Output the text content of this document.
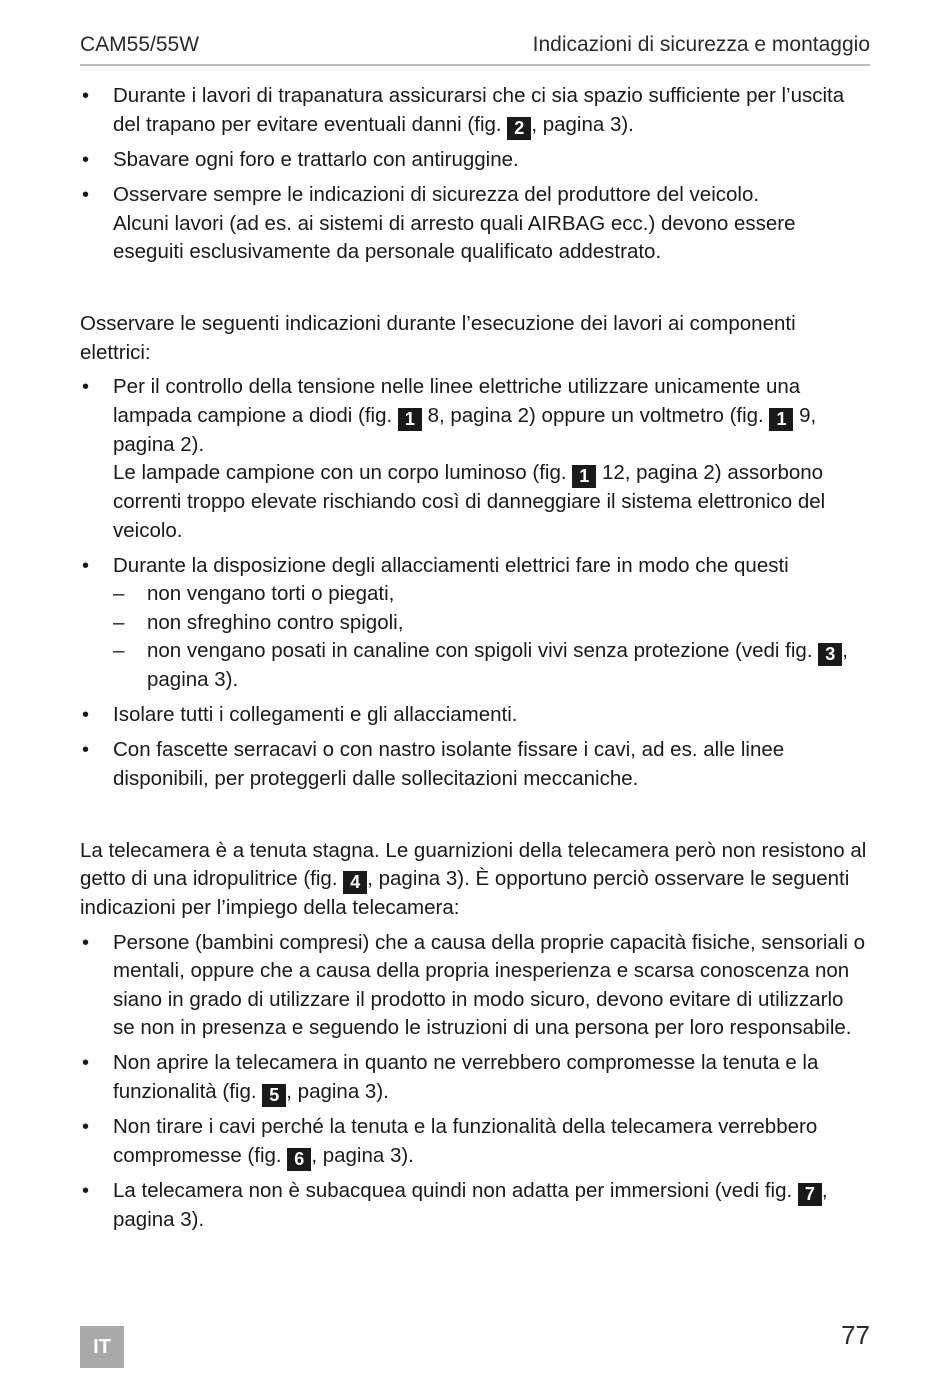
CAM55/55W	Indicazioni di sicurezza e montaggio
• Durante i lavori di trapanatura assicurarsi che ci sia spazio sufficiente per l’uscita del trapano per evitare eventuali danni (fig. 2 , pagina 3).
• Sbavare ogni foro e trattarlo con antiruggine.
• Osservare sempre le indicazioni di sicurezza del produttore del veicolo.
Alcuni lavori (ad es. ai sistemi di arresto quali AIRBAG ecc.) devono essere eseguiti esclusivamente da personale qualificato addestrato.

Osservare le seguenti indicazioni durante l’esecuzione dei lavori ai componenti elettrici:

• Per il controllo della tensione nelle linee elettriche utilizzare unicamente una lampada campione a diodi (fig. 1 8, pagina 2) oppure un voltmetro (fig. 1 9, pagina 2).
Le lampade campione con un corpo luminoso (fig. 1 12, pagina 2) assorbono correnti troppo elevate rischiando così di danneggiare il sistema elettronico del veicolo.
• Durante la disposizione degli allacciamenti elettrici fare in modo che questi
– non vengano torti o piegati,
– non sfreghino contro spigoli,
– non vengano posati in canaline con spigoli vivi senza protezione (vedi fig. 3 , pagina 3).
• Isolare tutti i collegamenti e gli allacciamenti.
• Con fascette serracavi o con nastro isolante fissare i cavi, ad es. alle linee disponibili, per proteggerli dalle sollecitazioni meccaniche.

La telecamera è a tenuta stagna. Le guarnizioni della telecamera però non resistono al getto di una idropulitrice (fig. 4 , pagina 3). È opportuno perciò osservare le seguenti indicazioni per l’impiego della telecamera:

• Persone (bambini compresi) che a causa della proprie capacità fisiche, sensoriali o mentali, oppure che a causa della propria inesperienza e scarsa conoscenza non siano in grado di utilizzare il prodotto in modo sicuro, devono evitare di utilizzarlo se non in presenza e seguendo le istruzioni di una persona per loro responsabile.
• Non aprire la telecamera in quanto ne verrebbero compromesse la tenuta e la funzionalità (fig. 5 , pagina 3).
• Non tirare i cavi perché la tenuta e la funzionalità della telecamera verrebbero compromesse (fig. 6 , pagina 3).
• La telecamera non è subacquea quindi non adatta per immersioni (vedi fig. 7 , pagina 3).
IT	77
